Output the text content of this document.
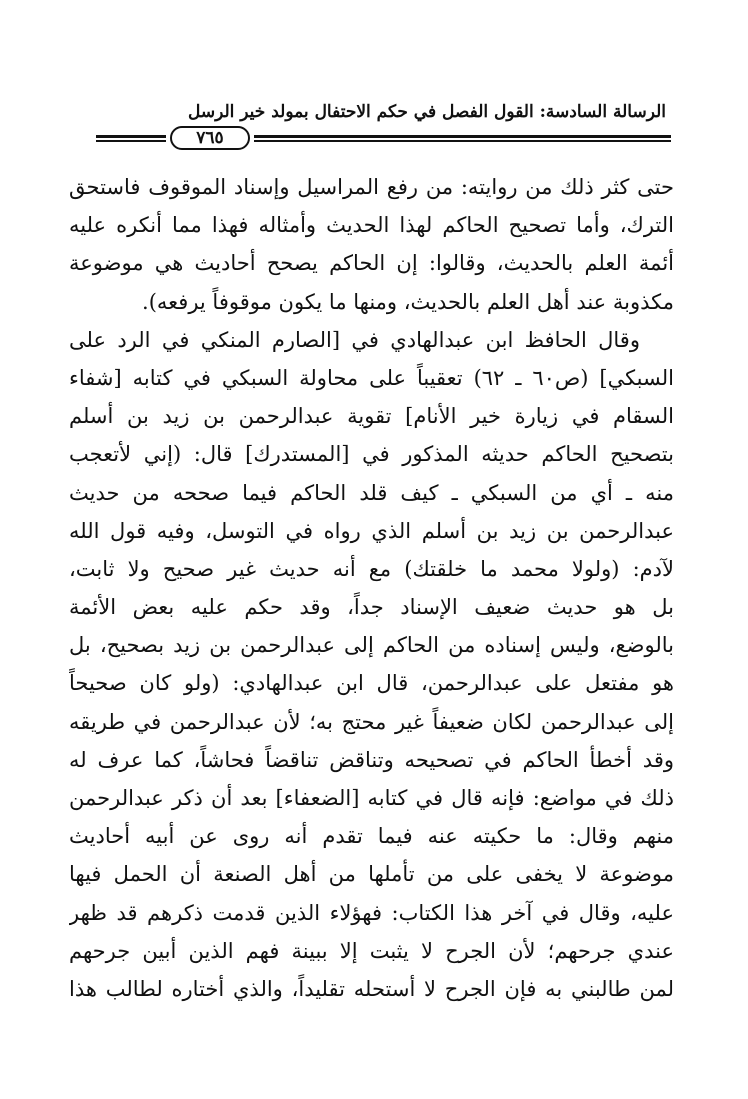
الرسالة السادسة: القول الفصل في حكم الاحتفال بمولد خير الرسل
٧٦٥
حتى كثر ذلك من روايته: من رفع المراسيل وإسناد الموقوف فاستحق
الترك، وأما تصحيح الحاكم لهذا الحديث وأمثاله فهذا مما أنكره عليه
أئمة العلم بالحديث، وقالوا: إن الحاكم يصحح أحاديث هي موضوعة
مكذوبة عند أهل العلم بالحديث، ومنها ما يكون موقوفاً يرفعه).
وقال الحافظ ابن عبدالهادي في [الصارم المنكي في الرد على
السبكي] (ص٦٠ ـ ٦٢) تعقيباً على محاولة السبكي في كتابه [شفاء
السقام في زيارة خير الأنام] تقوية عبدالرحمن بن زيد بن أسلم
بتصحيح الحاكم حديثه المذكور في [المستدرك] قال: (إني لأتعجب
منه ـ أي من السبكي ـ كيف قلد الحاكم فيما صححه من حديث
عبدالرحمن بن زيد بن أسلم الذي رواه في التوسل، وفيه قول الله
لآدم: (ولولا محمد ما خلقتك) مع أنه حديث غير صحيح ولا ثابت،
بل هو حديث ضعيف الإسناد جداً، وقد حكم عليه بعض الأئمة
بالوضع، وليس إسناده من الحاكم إلى عبدالرحمن بن زيد بصحيح، بل
هو مفتعل على عبدالرحمن، قال ابن عبدالهادي: (ولو كان صحيحاً
إلى عبدالرحمن لكان ضعيفاً غير محتج به؛ لأن عبدالرحمن في طريقه
وقد أخطأ الحاكم في تصحيحه وتناقض تناقضاً فحاشاً، كما عرف له
ذلك في مواضع: فإنه قال في كتابه [الضعفاء] بعد أن ذكر عبدالرحمن
منهم وقال: ما حكيته عنه فيما تقدم أنه روى عن أبيه أحاديث
موضوعة لا يخفى على من تأملها من أهل الصنعة أن الحمل فيها
عليه، وقال في آخر هذا الكتاب: فهؤلاء الذين قدمت ذكرهم قد ظهر
عندي جرحهم؛ لأن الجرح لا يثبت إلا ببينة فهم الذين أبين جرحهم
لمن طالبني به فإن الجرح لا أستحله تقليداً، والذي أختاره لطالب هذا
